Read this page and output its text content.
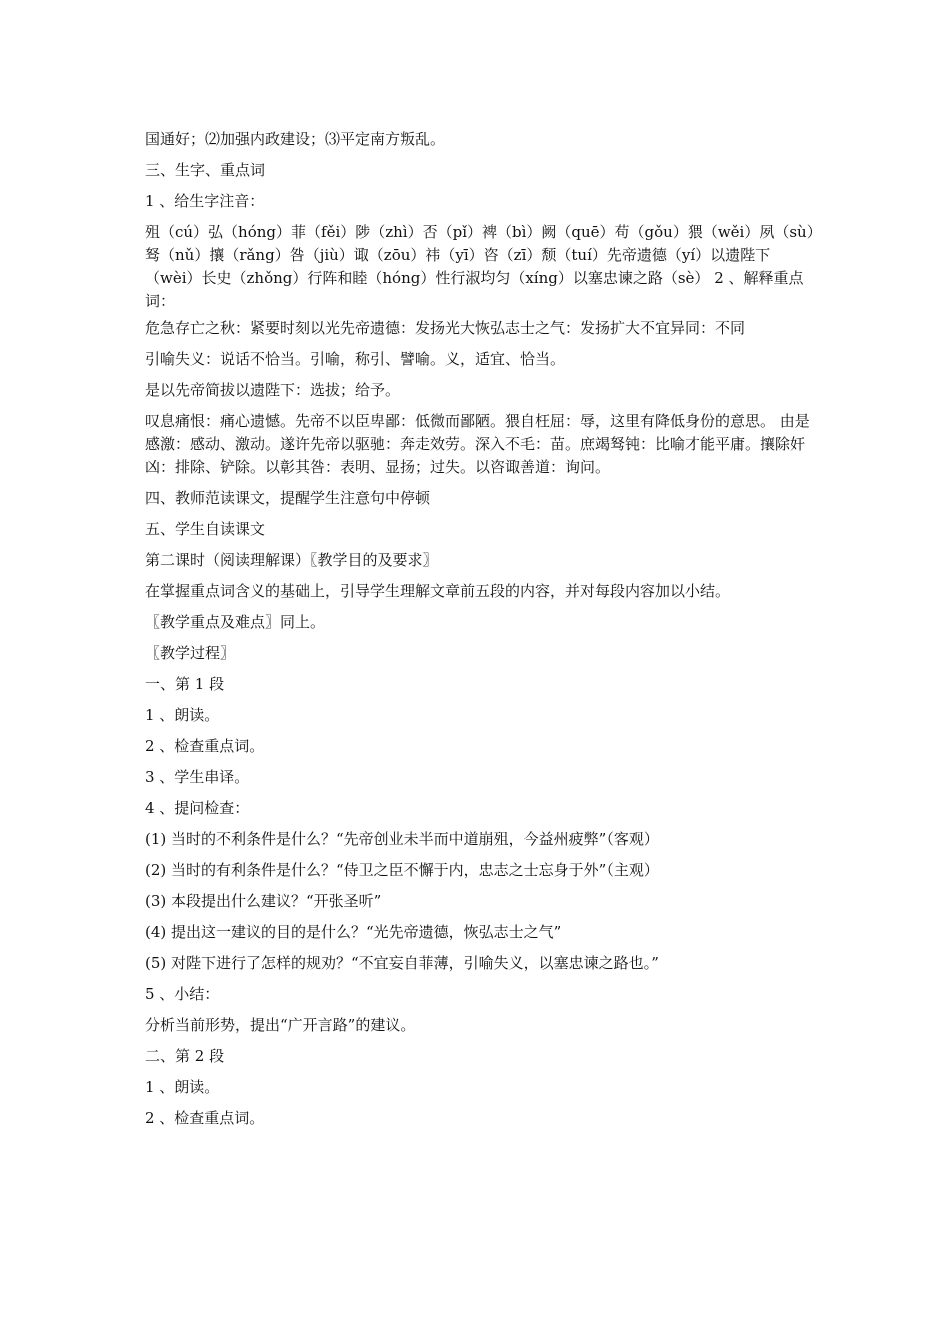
国通好；⑵加强内政建设；⑶平定南方叛乱。

三、生字、重点词

1 、给生字注音：

殂（cú）弘（hóng）菲（fěi）陟（zhì）否（pǐ）裨（bì）阙（quē）苟（gǒu）猥（wěi）夙（sù）驽（nǔ）攘（rǎng）咎（jiù）诹（zōu）祎（yī）咨（zī）颓（tuí）先帝遗德（yí）以遗陛下（wèi）长史（zhǒng）行阵和睦（hóng）性行淑均匀（xíng）以塞忠谏之路（sè） 2 、解释重点词：

危急存亡之秋：紧要时刻以光先帝遗德：发扬光大恢弘志士之气：发扬扩大不宜异同：不同

引喻失义：说话不恰当。引喻，称引、譬喻。义，适宜、恰当。

是以先帝简拔以遗陛下：选拔；给予。

叹息痛恨：痛心遗憾。先帝不以臣卑鄙：低微而鄙陋。猥自枉屈：辱，这里有降低身份的意思。 由是感激：感动、激动。遂许先帝以驱驰：奔走效劳。深入不毛：苗。庶竭驽钝：比喻才能平庸。攘除奸凶：排除、铲除。以彰其咎：表明、显扬；过失。以咨诹善道：询问。

四、教师范读课文，提醒学生注意句中停顿

五、学生自读课文

第二课时（阅读理解课）〖教学目的及要求〗

在掌握重点词含义的基础上，引导学生理解文章前五段的内容，并对每段内容加以小结。

〖教学重点及难点〗同上。

〖教学过程〗

一、第 1 段

1 、朗读。

2 、检查重点词。

3 、学生串译。

4 、提问检查：

(1) 当时的不利条件是什么？“先帝创业未半而中道崩殂，今益州疲弊”（客观）

(2) 当时的有利条件是什么？“侍卫之臣不懈于内，忠志之士忘身于外”（主观）

(3) 本段提出什么建议？“开张圣听”

(4) 提出这一建议的目的是什么？“光先帝遗德，恢弘志士之气”

(5) 对陛下进行了怎样的规劝？“不宜妄自菲薄，引喻失义，以塞忠谏之路也。”

5 、小结：

分析当前形势，提出“广开言路”的建议。

二、第 2 段

1 、朗读。

2 、检查重点词。
